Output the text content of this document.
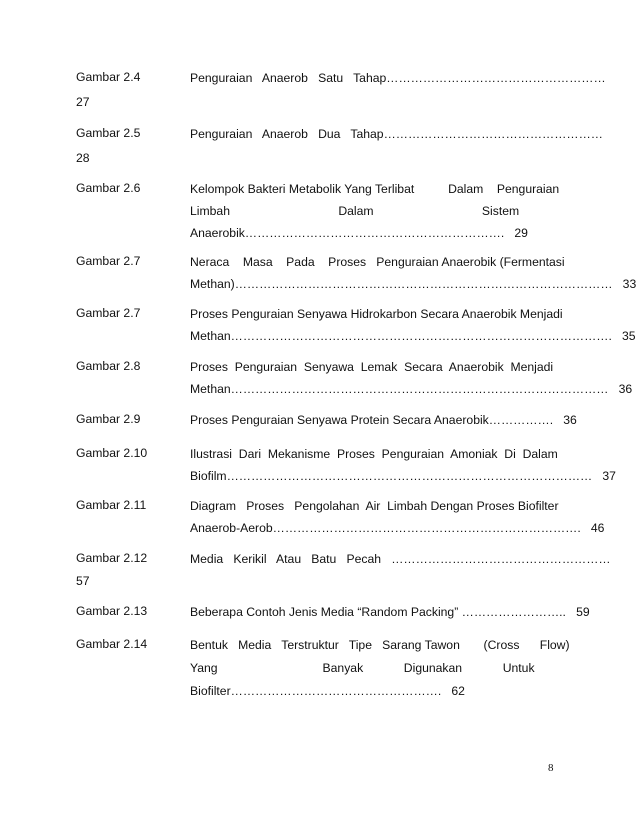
Gambar 2.4	Penguraian   Anaerob   Satu   Tahap………………………………………………
27
Gambar 2.5	Penguraian   Anaerob   Dua   Tahap………………………………………………
28
Gambar 2.6	Kelompok Bakteri Metabolik Yang Terlibat          Dalam    Penguraian
Limbah                                Dalam                                Sistem
Anaerobik……………………………………………………….   29
Gambar 2.7	Neraca    Masa    Pada    Proses   Penguraian Anaerobik (Fermentasi
Methan)…………………………………………………………………………………   33
Gambar 2.7	Proses Penguraian Senyawa Hidrokarbon Secara Anaerobik Menjadi
Methan………………………………………………………………………………….   35
Gambar 2.8	Proses  Penguraian  Senyawa  Lemak  Secara  Anaerobik  Menjadi
Methan…………………………………………………………………………………   36
Gambar 2.9	Proses Penguraian Senyawa Protein Secara Anaerobik…………….   36
Gambar 2.10	Ilustrasi  Dari  Mekanisme  Proses  Penguraian  Amoniak  Di  Dalam
Biofilm………………………………………………………………………………   37
Gambar 2.11	Diagram   Proses   Pengolahan  Air  Limbah Dengan Proses Biofilter
Anaerob-Aerob………………………………………………………………….   46
Gambar 2.12	Media   Kerikil   Atau   Batu   Pecah   ………………………………………………
57
Gambar 2.13	Beberapa Contoh Jenis Media “Random Packing” ……………………..   59
Gambar 2.14	Bentuk   Media   Terstruktur   Tipe   Sarang Tawon       (Cross      Flow)
Yang                               Banyak            Digunakan            Untuk
Biofilter…………………………………………….   62
8
